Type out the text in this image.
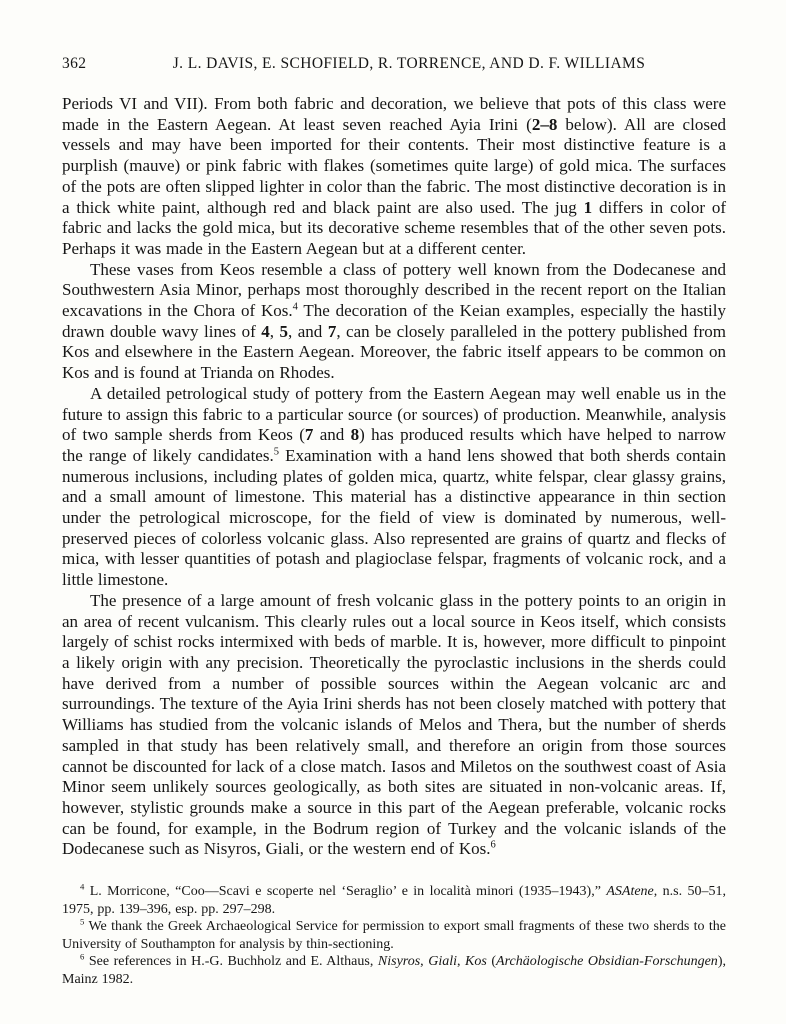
362	J. L. DAVIS, E. SCHOFIELD, R. TORRENCE, AND D. F. WILLIAMS

Periods VI and VII). From both fabric and decoration, we believe that pots of this class were made in the Eastern Aegean. At least seven reached Ayia Irini (2–8 below). All are closed vessels and may have been imported for their contents. Their most distinctive feature is a purplish (mauve) or pink fabric with flakes (sometimes quite large) of gold mica. The surfaces of the pots are often slipped lighter in color than the fabric. The most distinctive decoration is in a thick white paint, although red and black paint are also used. The jug 1 differs in color of fabric and lacks the gold mica, but its decorative scheme resembles that of the other seven pots. Perhaps it was made in the Eastern Aegean but at a different center.

These vases from Keos resemble a class of pottery well known from the Dodecanese and Southwestern Asia Minor, perhaps most thoroughly described in the recent report on the Italian excavations in the Chora of Kos.$^4$ The decoration of the Keian examples, especially the hastily drawn double wavy lines of 4, 5, and 7, can be closely paralleled in the pottery published from Kos and elsewhere in the Eastern Aegean. Moreover, the fabric itself appears to be common on Kos and is found at Trianda on Rhodes.

A detailed petrological study of pottery from the Eastern Aegean may well enable us in the future to assign this fabric to a particular source (or sources) of production. Meanwhile, analysis of two sample sherds from Keos (7 and 8) has produced results which have helped to narrow the range of likely candidates.$^5$ Examination with a hand lens showed that both sherds contain numerous inclusions, including plates of golden mica, quartz, white felspar, clear glassy grains, and a small amount of limestone. This material has a distinctive appearance in thin section under the petrological microscope, for the field of view is dominated by numerous, well-preserved pieces of colorless volcanic glass. Also represented are grains of quartz and flecks of mica, with lesser quantities of potash and plagioclase felspar, fragments of volcanic rock, and a little limestone.

The presence of a large amount of fresh volcanic glass in the pottery points to an origin in an area of recent vulcanism. This clearly rules out a local source in Keos itself, which consists largely of schist rocks intermixed with beds of marble. It is, however, more difficult to pinpoint a likely origin with any precision. Theoretically the pyroclastic inclusions in the sherds could have derived from a number of possible sources within the Aegean volcanic arc and surroundings. The texture of the Ayia Irini sherds has not been closely matched with pottery that Williams has studied from the volcanic islands of Melos and Thera, but the number of sherds sampled in that study has been relatively small, and therefore an origin from those sources cannot be discounted for lack of a close match. Iasos and Miletos on the southwest coast of Asia Minor seem unlikely sources geologically, as both sites are situated in non-volcanic areas. If, however, stylistic grounds make a source in this part of the Aegean preferable, volcanic rocks can be found, for example, in the Bodrum region of Turkey and the volcanic islands of the Dodecanese such as Nisyros, Giali, or the western end of Kos.$^6$

$^4$ L. Morricone, “Coo—Scavi e scoperte nel ‘Seraglio’ e in località minori (1935–1943),” ASAtene, n.s. 50–51, 1975, pp. 139–396, esp. pp. 297–298.

$^5$ We thank the Greek Archaeological Service for permission to export small fragments of these two sherds to the University of Southampton for analysis by thin-sectioning.

$^6$ See references in H.-G. Buchholz and E. Althaus, Nisyros, Giali, Kos (Archäologische Obsidian-Forschungen), Mainz 1982.
